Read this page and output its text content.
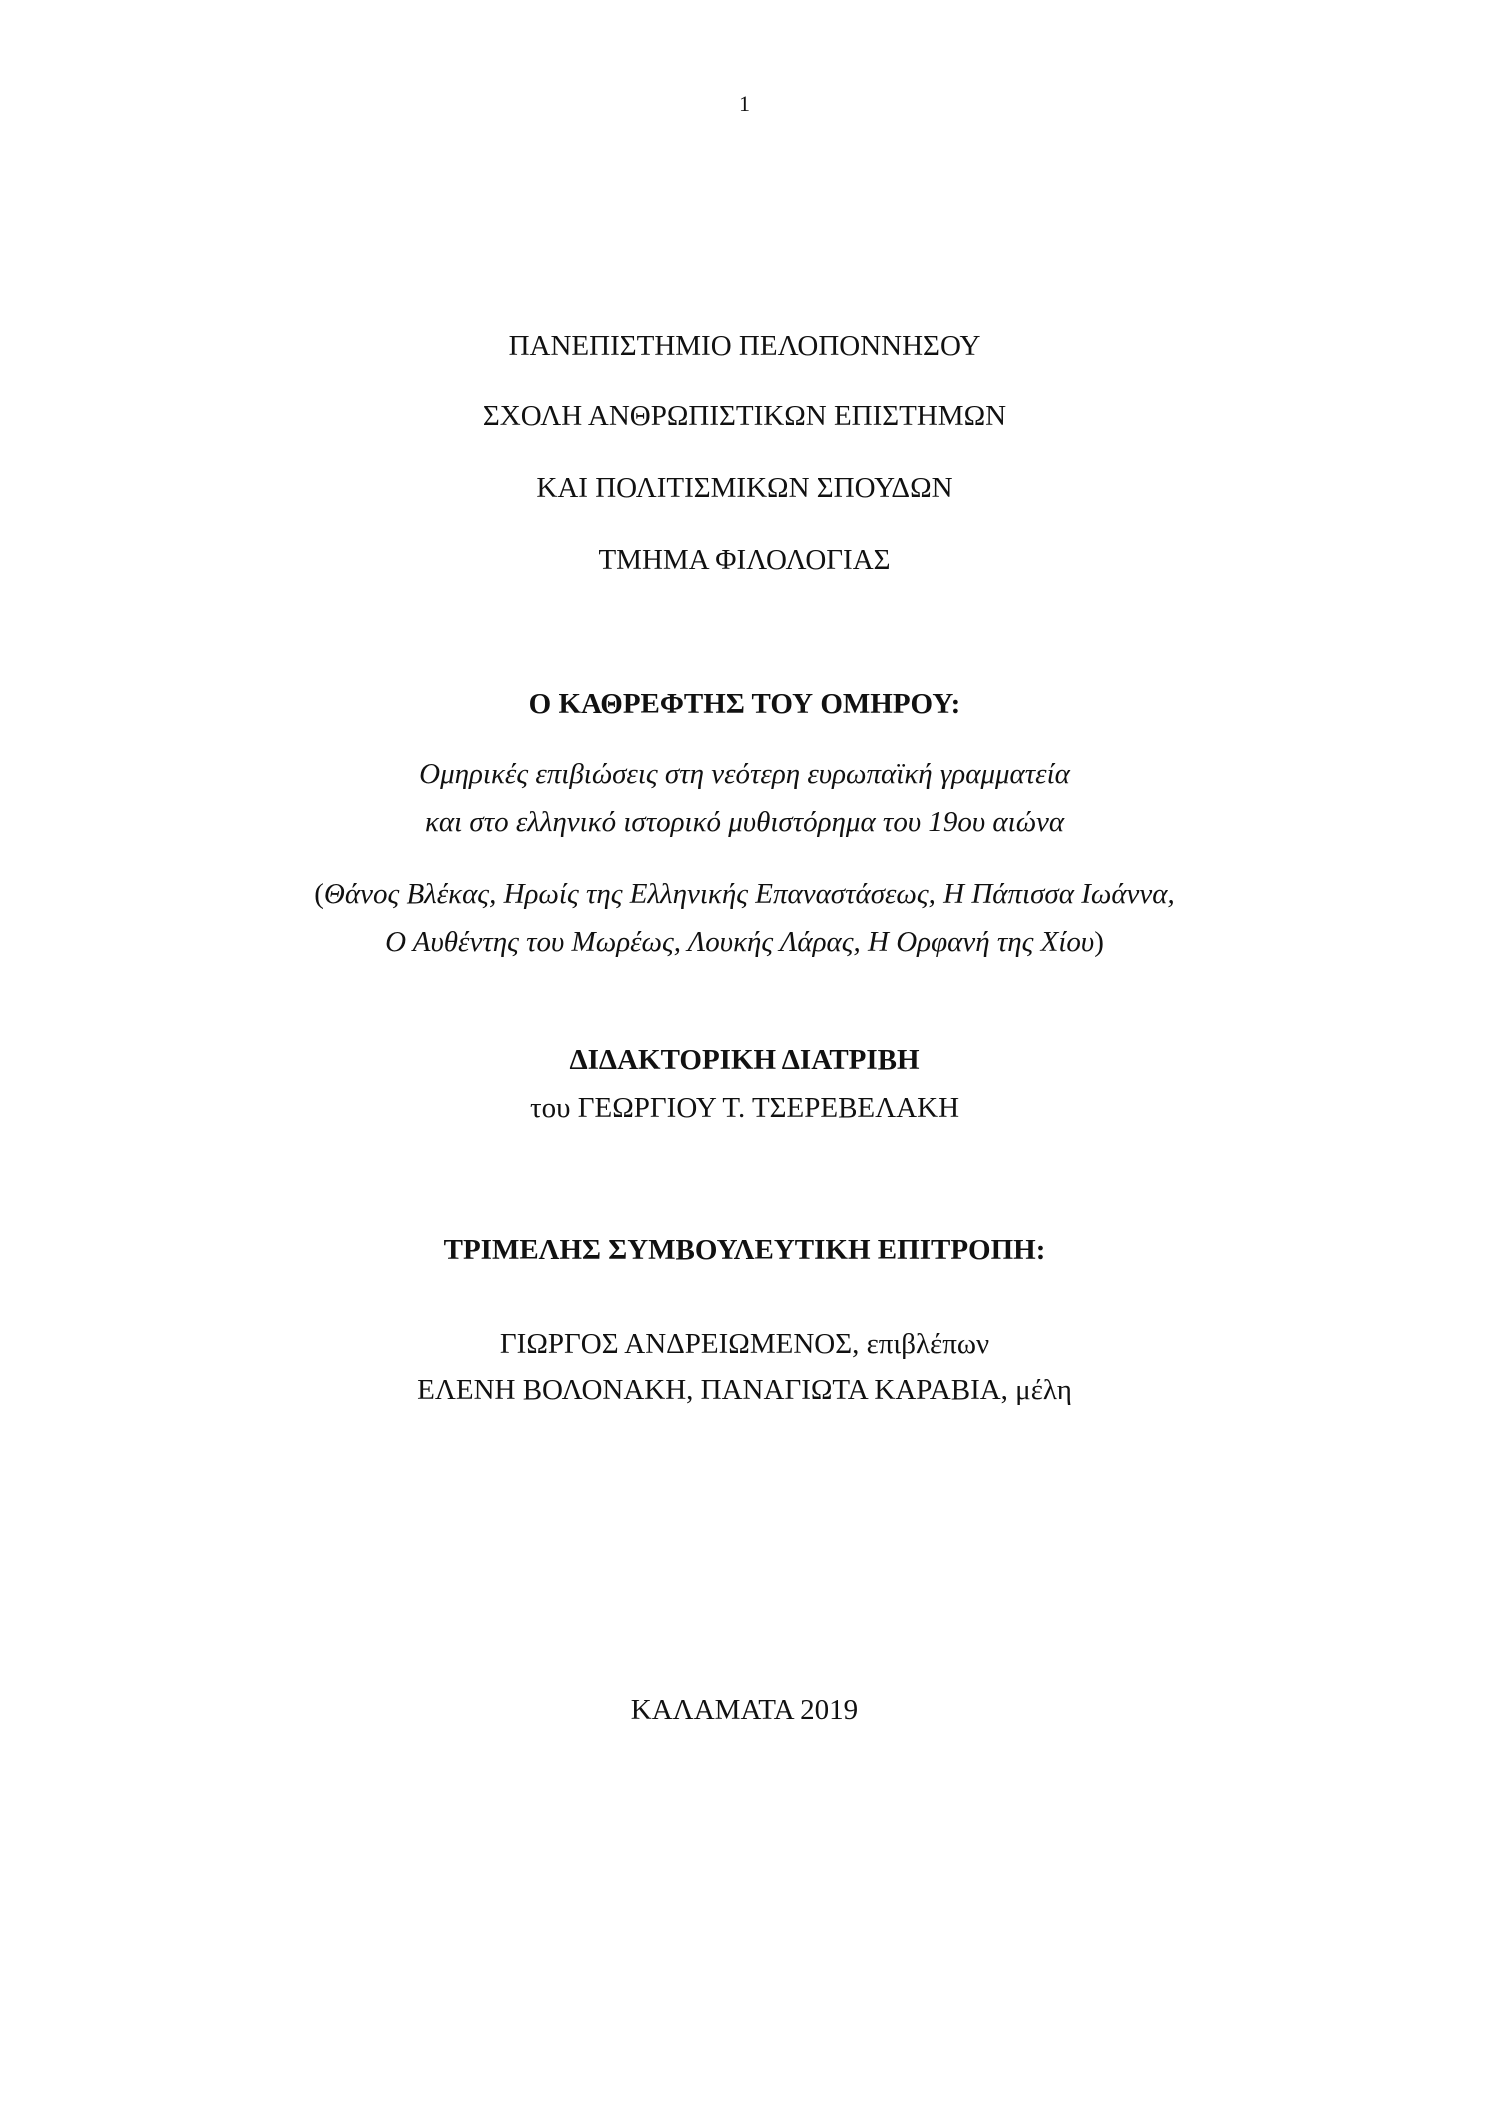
1
ΠΑΝΕΠΙΣΤΗΜΙΟ ΠΕΛΟΠΟΝΝΗΣΟΥ
ΣΧΟΛΗ ΑΝΘΡΩΠΙΣΤΙΚΩΝ ΕΠΙΣΤΗΜΩΝ
ΚΑΙ ΠΟΛΙΤΙΣΜΙΚΩΝ ΣΠΟΥΔΩΝ
ΤΜΗΜΑ ΦΙΛΟΛΟΓΙΑΣ
Ο ΚΑΘΡΕΦΤΗΣ ΤΟΥ ΟΜΗΡΟΥ:
Ομηρικές επιβιώσεις στη νεότερη ευρωπαϊκή γραμματεία
και στο ελληνικό ιστορικό μυθιστόρημα του 19ου αιώνα
(Θάνος Βλέκας, Ηρωίς της Ελληνικής Επαναστάσεως, Η Πάπισσα Ιωάννα,
Ο Αυθέντης του Μωρέως, Λουκής Λάρας, Η Ορφανή της Χίου)
ΔΙΔΑΚΤΟΡΙΚΗ ΔΙΑΤΡΙΒΗ
του ΓΕΩΡΓΙΟΥ Τ. ΤΣΕΡΕΒΕΛΑΚΗ
ΤΡΙΜΕΛΗΣ ΣΥΜΒΟΥΛΕΥΤΙΚΗ ΕΠΙΤΡΟΠΗ:
ΓΙΩΡΓΟΣ ΑΝΔΡΕΙΩΜΕΝΟΣ, επιβλέπων
ΕΛΕΝΗ ΒΟΛΟΝΑΚΗ, ΠΑΝΑΓΙΩΤΑ ΚΑΡΑΒΙΑ, μέλη
ΚΑΛΑΜΑΤΑ 2019
